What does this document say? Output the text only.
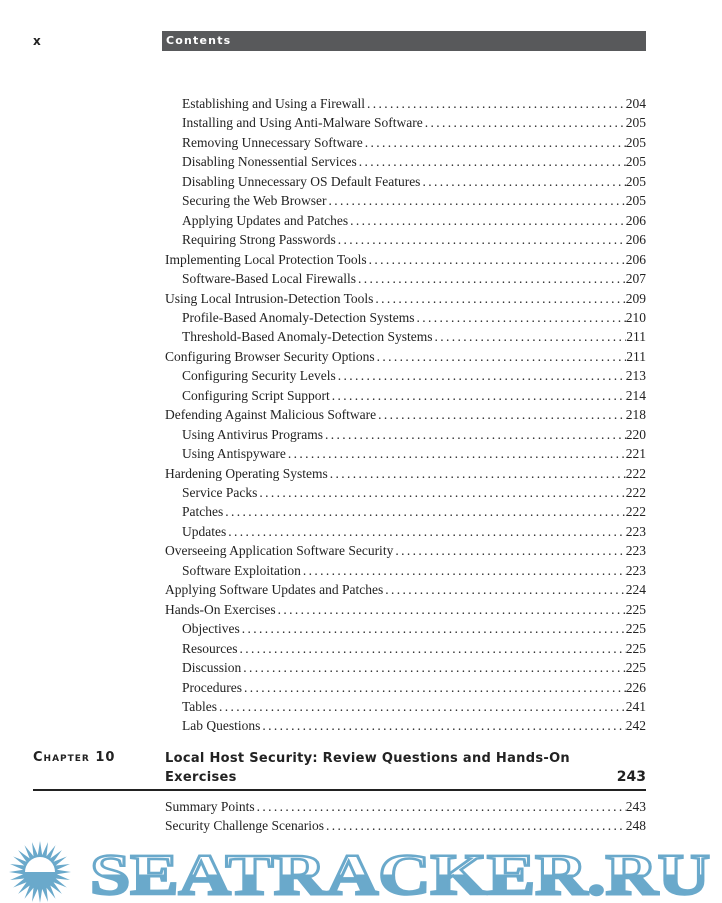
x	Contents
Establishing and Using a Firewall . . .	204
Installing and Using Anti-Malware Software . . .	205
Removing Unnecessary Software . . .	205
Disabling Nonessential Services . . .	205
Disabling Unnecessary OS Default Features . . .	205
Securing the Web Browser . . .	205
Applying Updates and Patches . . .	206
Requiring Strong Passwords . . .	206
Implementing Local Protection Tools . . .	206
Software-Based Local Firewalls . . .	207
Using Local Intrusion-Detection Tools . . .	209
Profile-Based Anomaly-Detection Systems . . .	210
Threshold-Based Anomaly-Detection Systems . . .	211
Configuring Browser Security Options . . .	211
Configuring Security Levels . . .	213
Configuring Script Support . . .	214
Defending Against Malicious Software . . .	218
Using Antivirus Programs . . .	220
Using Antispyware . . .	221
Hardening Operating Systems . . .	222
Service Packs . . .	222
Patches . . .	222
Updates . . .	223
Overseeing Application Software Security . . .	223
Software Exploitation . . .	223
Applying Software Updates and Patches . . .	224
Hands-On Exercises . . .	225
Objectives . . .	225
Resources . . .	225
Discussion . . .	225
Procedures . . .	226
Tables . . .	241
Lab Questions . . .	242
Chapter 10	Local Host Security: Review Questions and Hands-On Exercises	243
Summary Points . . .	243
Security Challenge Scenarios . . .	248
SEATRACKER.RU
